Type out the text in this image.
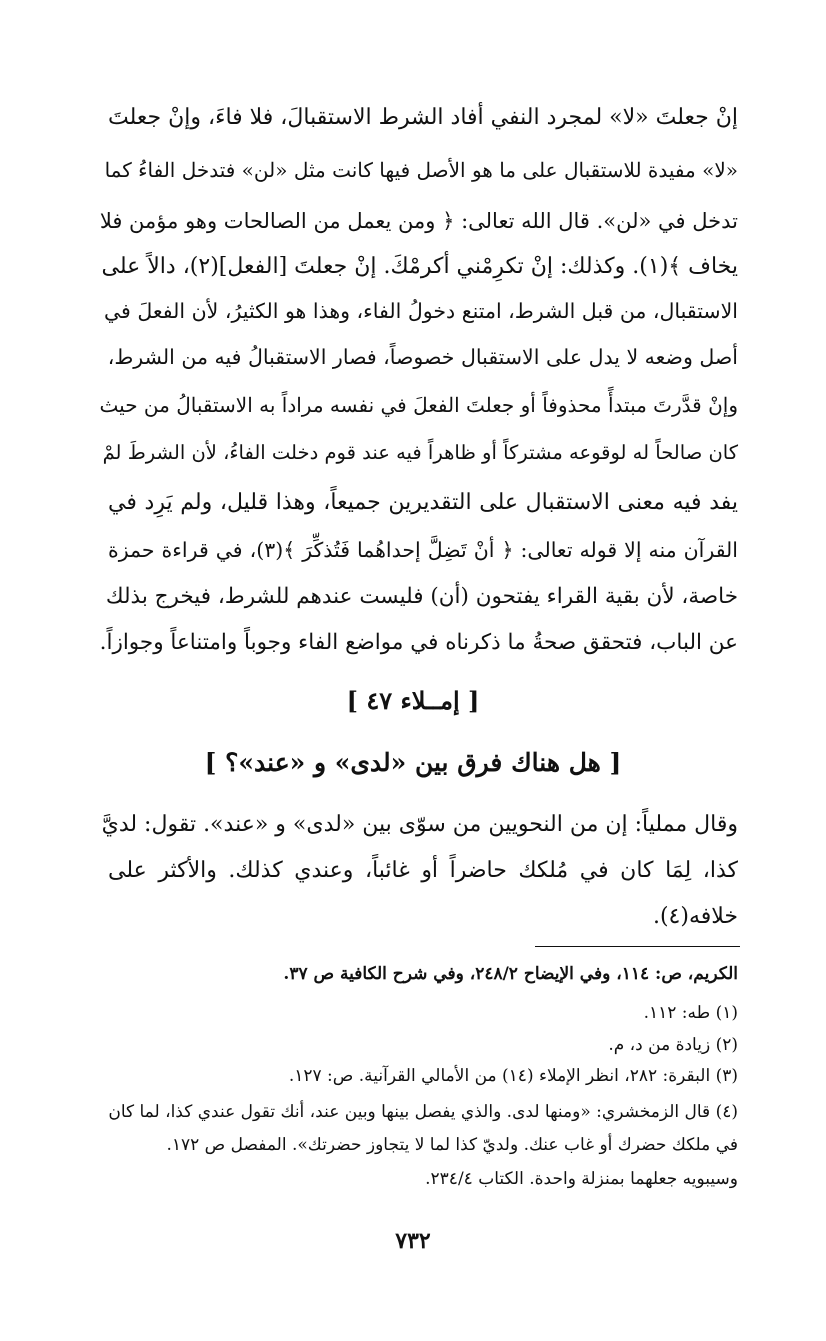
إنْ جعلتَ «لا» لمجرد النفي أفاد الشرط الاستقبالَ، فلا فاءَ، وإنْ جعلتَ
«لا» مفيدة للاستقبال على ما هو الأصل فيها كانت مثل «لن» فتدخل الفاءُ كما
تدخل في «لن». قال الله تعالى: ﴿ ومن يعمل من الصالحات وهو مؤمن فلا
يخاف ﴾(١). وكذلك: إنْ تكرِمْني أكرمْكَ. إنْ جعلتَ [الفعل](٢)، دالاً على
الاستقبال، من قبل الشرط، امتنع دخولُ الفاء، وهذا هو الكثيرُ، لأن الفعلَ في
أصل وضعه لا يدل على الاستقبال خصوصاً، فصار الاستقبالُ فيه من الشرط،
وإنْ قدَّرتَ مبتدأً محذوفاً أو جعلتَ الفعلَ في نفسه مراداً به الاستقبالُ من حيث
كان صالحاً له لوقوعه مشتركاً أو ظاهراً فيه عند قوم دخلت الفاءُ، لأن الشرطَ لمْ
يفد فيه معنى الاستقبال على التقديرين جميعاً، وهذا قليل، ولم يَرِد في
القرآن منه إلا قوله تعالى: ﴿ أنْ تَضِلَّ إحداهُما فَتُذكِّرَ ﴾(٣)، في قراءة حمزة
خاصة، لأن بقية القراء يفتحون (أن) فليست عندهم للشرط، فيخرج بذلك
عن الباب، فتحقق صحةُ ما ذكرناه في مواضع الفاء وجوباً وامتناعاً وجوازاً.
[ إمــلاء ٤٧ ]
[ هل هناك فرق بين «لدى» و «عند»؟ ]
وقال مملياً: إن من النحويين من سوّى بين «لدى» و «عند». تقول: لديَّ
كذا، لِمَا كان في مُلكك حاضراً أو غائباً، وعندي كذلك. والأكثر على
خلافه(٤).
الكريم، ص: ١١٤، وفي الإيضاح ٢٤٨/٢، وفي شرح الكافية ص ٣٧.
(١) طه: ١١٢.
(٢) زيادة من د، م.
(٣) البقرة: ٢٨٢، انظر الإملاء (١٤) من الأمالي القرآنية. ص: ١٢٧.
(٤) قال الزمخشري: «ومنها لدى. والذي يفصل بينها وبين عند، أنك تقول عندي كذا، لما كان
في ملكك حضرك أو غاب عنك. ولديّ كذا لما لا يتجاوز حضرتك». المفصل ص ١٧٢.
وسيبويه جعلهما بمنزلة واحدة. الكتاب ٢٣٤/٤.
٧٣٢
